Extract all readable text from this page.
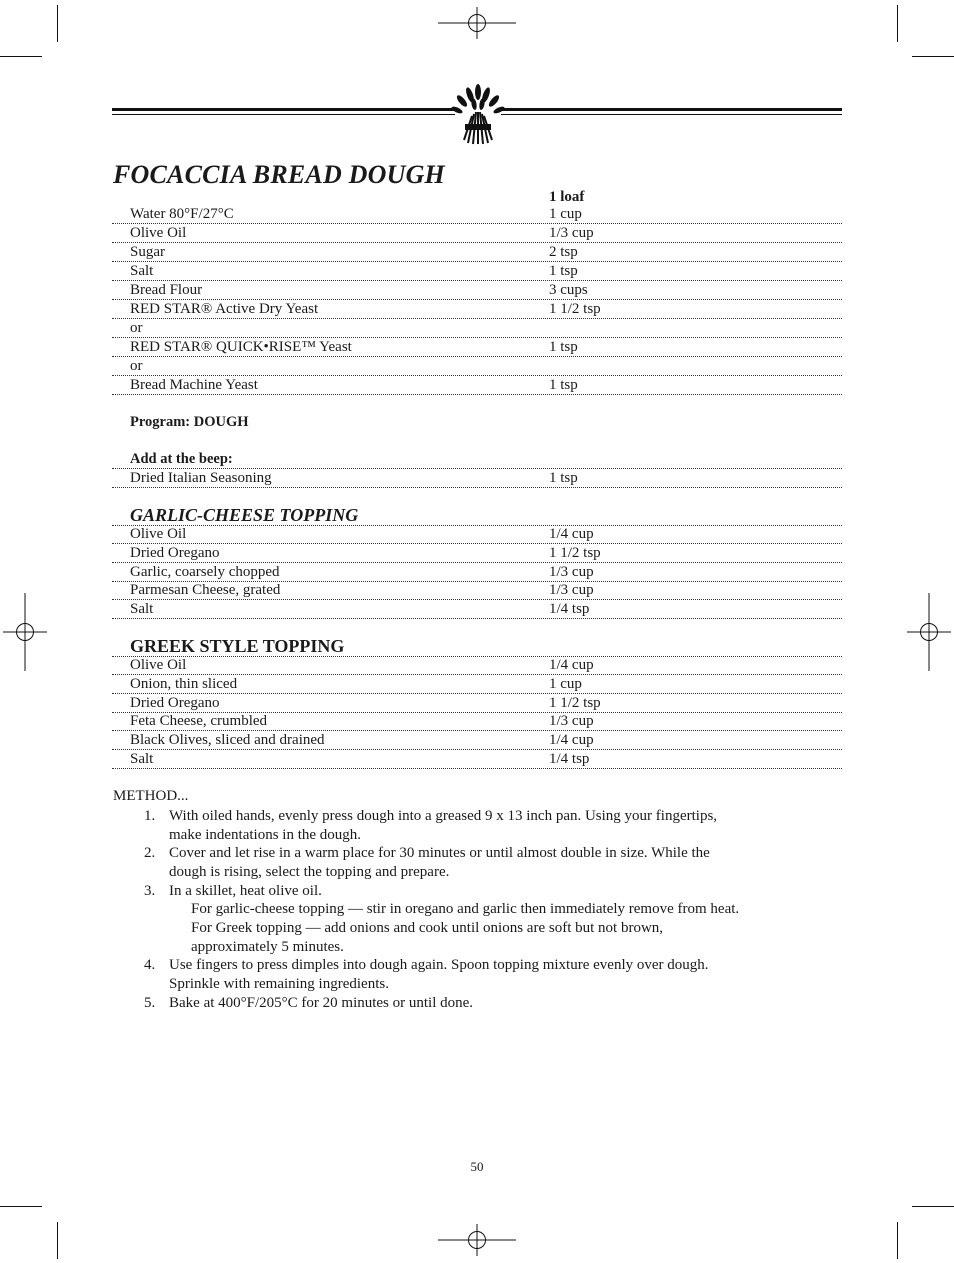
FOCACCIA BREAD DOUGH
1 loaf
Water 80°F/27°C	1 cup
Olive Oil	1/3 cup
Sugar	2 tsp
Salt	1 tsp
Bread Flour	3 cups
RED STAR® Active Dry Yeast	1 1/2 tsp
or
RED STAR® QUICK•RISE™ Yeast	1 tsp
or
Bread Machine Yeast	1 tsp
Program: DOUGH
Add at the beep:
Dried Italian Seasoning	1 tsp
GARLIC-CHEESE TOPPING
Olive Oil	1/4 cup
Dried Oregano	1 1/2 tsp
Garlic, coarsely chopped	1/3 cup
Parmesan Cheese, grated	1/3 cup
Salt	1/4 tsp
GREEK STYLE TOPPING
Olive Oil	1/4 cup
Onion, thin sliced	1 cup
Dried Oregano	1 1/2 tsp
Feta Cheese, crumbled	1/3 cup
Black Olives, sliced and drained	1/4 cup
Salt	1/4 tsp
METHOD...
1. With oiled hands, evenly press dough into a greased 9 x 13 inch pan. Using your fingertips,
make indentations in the dough.
2. Cover and let rise in a warm place for 30 minutes or until almost double in size. While the
dough is rising, select the topping and prepare.
3. In a skillet, heat olive oil.
For garlic-cheese topping — stir in oregano and garlic then immediately remove from heat.
For Greek topping — add onions and cook until onions are soft but not brown,
approximately 5 minutes.
4. Use fingers to press dimples into dough again. Spoon topping mixture evenly over dough.
Sprinkle with remaining ingredients.
5. Bake at 400°F/205°C for 20 minutes or until done.
50
